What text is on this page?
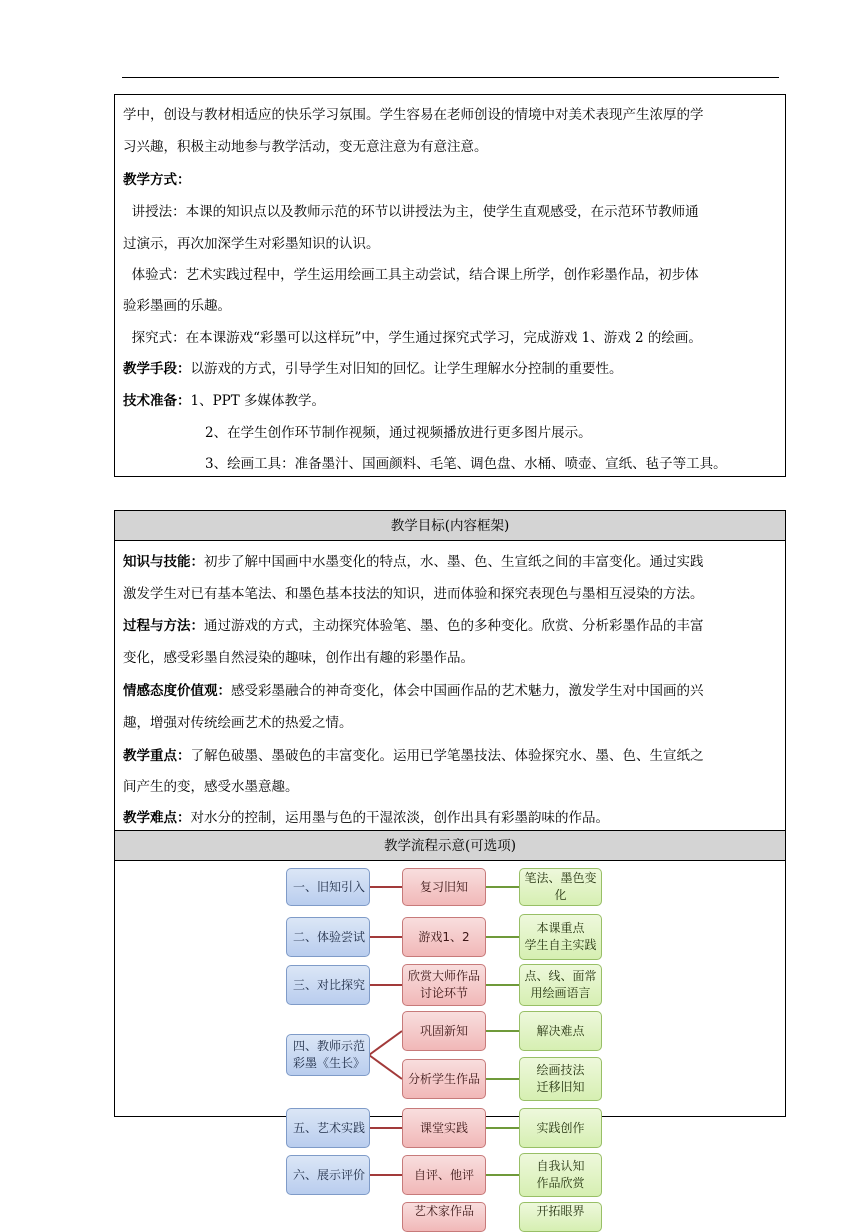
学中，创设与教材相适应的快乐学习氛围。学生容易在老师创设的情境中对美术表现产生浓厚的学
习兴趣，积极主动地参与教学活动，变无意注意为有意注意。
教学方式：
讲授法：本课的知识点以及教师示范的环节以讲授法为主，使学生直观感受，在示范环节教师通
过演示，再次加深学生对彩墨知识的认识。
体验式：艺术实践过程中，学生运用绘画工具主动尝试，结合课上所学，创作彩墨作品，初步体
验彩墨画的乐趣。
探究式：在本课游戏“彩墨可以这样玩”中，学生通过探究式学习，完成游戏 1、游戏 2 的绘画。
教学手段：以游戏的方式，引导学生对旧知的回忆。让学生理解水分控制的重要性。
技术准备：1、PPT 多媒体教学。
2、在学生创作环节制作视频，通过视频播放进行更多图片展示。
3、绘画工具：准备墨汁、国画颜料、毛笔、调色盘、水桶、喷壶、宣纸、毡子等工具。
教学目标(内容框架)
知识与技能：初步了解中国画中水墨变化的特点，水、墨、色、生宣纸之间的丰富变化。通过实践
激发学生对已有基本笔法、和墨色基本技法的知识，进而体验和探究表现色与墨相互浸染的方法。
过程与方法：通过游戏的方式，主动探究体验笔、墨、色的多种变化。欣赏、分析彩墨作品的丰富
变化，感受彩墨自然浸染的趣味，创作出有趣的彩墨作品。
情感态度价值观：感受彩墨融合的神奇变化，体会中国画作品的艺术魅力，激发学生对中国画的兴
趣，增强对传统绘画艺术的热爱之情。
教学重点：了解色破墨、墨破色的丰富变化。运用已学笔墨技法、体验探究水、墨、色、生宣纸之
间产生的变，感受水墨意趣。
教学难点：对水分的控制，运用墨与色的干湿浓淡，创作出具有彩墨韵味的作品。
教学流程示意(可选项)
一、旧知引入
二、体验尝试
三、对比探究
四、教师示范
彩墨《生长》
五、艺术实践
六、展示评价
复习旧知
游戏1、2
欣赏大师作品
讨论环节
巩固新知
分析学生作品
课堂实践
自评、他评
艺术家作品
笔法、墨色变化
本课重点
学生自主实践
点、线、面常用绘画语言
解决难点
绘画技法
迁移旧知
实践创作
自我认知
作品欣赏
开拓眼界
